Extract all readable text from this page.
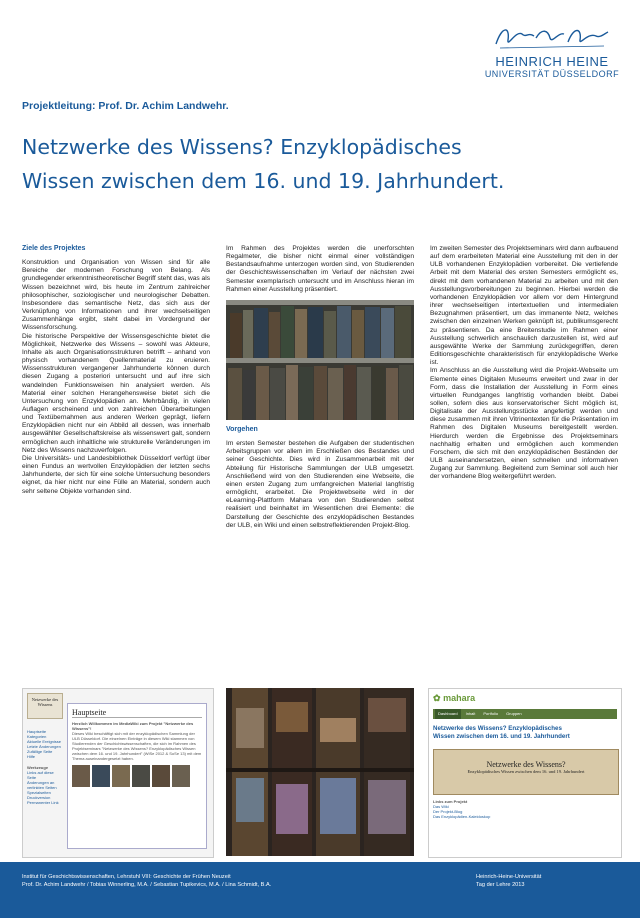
HEINRICH HEINE
UNIVERSITÄT DÜSSELDORF
Projektleitung: Prof. Dr. Achim Landwehr.
Netzwerke des Wissens? Enzyklopädisches
Wissen zwischen dem 16. und 19. Jahrhundert.

Ziele des Projektes

Konstruktion und Organisation von Wissen sind für alle Bereiche der modernen Forschung von Belang. Als grundlegender erkenntnistheoretischer Begriff steht das, was als Wissen bezeichnet wird, bis heute im Zentrum zahlreicher philosophischer, soziologischer und neurologischer Debatten. Insbesondere das semantische Netz, das sich aus der Verknüpfung von Informationen und ihrer wechselseitigen Zusammenhänge ergibt, steht dabei im Vordergrund der Wissensforschung.

Die historische Perspektive der Wissensgeschichte bietet die Möglichkeit, Netzwerke des Wissens – sowohl was Akteure, Inhalte als auch Organisationsstrukturen betrifft – anhand von physisch vorhandenem Quellenmaterial zu eruieren. Wissensstrukturen vergangener Jahrhunderte können durch diesen Zugang a posteriori untersucht und auf ihre sich wandelnden Funktionsweisen hin analysiert werden. Als Material einer solchen Herangehensweise bietet sich die Untersuchung von Enzyklopädien an. Mehrbändig, in vielen Auflagen erscheinend und von zahlreichen Überarbeitungen und Textübernahmen aus anderen Werken geprägt, liefern Enzyklopädien nicht nur ein Abbild all dessen, was innerhalb ausgewählter Gesellschaftskreise als wissenswert galt, sondern ermöglichen auch inhaltliche wie strukturelle Veränderungen im Netz des Wissens nachzuverfolgen.

Die Universitäts- und Landesbibliothek Düsseldorf verfügt über einen Fundus an wertvollen Enzyklopädien der letzten sechs Jahrhunderte, der sich für eine solche Untersuchung besonders eignet, da hier nicht nur eine Fülle an Material, sondern auch sehr seltene Objekte vorhanden sind.

Im Rahmen des Projektes werden die unerforschten Regalmeter, die bisher nicht einmal einer vollständigen Bestandsaufnahme unterzogen worden sind, von Studierenden der Geschichtswissenschaften im Verlauf der nächsten zwei Semester exemplarisch untersucht und im Anschluss hieran im Rahmen einer Ausstellung präsentiert.

Vorgehen

Im ersten Semester bestehen die Aufgaben der studentischen Arbeitsgruppen vor allem im Erschließen des Bestandes und seiner Geschichte. Dies wird in Zusammenarbeit mit der Abteilung für Historische Sammlungen der ULB umgesetzt. Anschließend wird von den Studierenden eine Webseite, die einen ersten Zugang zum umfangreichen Material langfristig ermöglicht, erarbeitet. Die Projektwebseite wird in der eLearning-Plattform Mahara von den Studierenden selbst realisiert und beinhaltet im Wesentlichen drei Elemente: die Darstellung der Geschichte des enzyklopädischen Bestandes der ULB, ein Wiki und einen selbstreflektierenden Projekt-Blog.

Im zweiten Semester des Projektseminars wird dann aufbauend auf dem erarbeiteten Material eine Ausstellung mit den in der ULB vorhandenen Enzyklopädien vorbereitet. Die vertiefende Arbeit mit dem Material des ersten Semesters ermöglicht es, direkt mit dem vorhandenen Material zu arbeiten und mit den Ausstellungsvorbereitungen zu beginnen. Hierbei werden die vorhandenen Enzyklopädien vor allem vor dem Hintergrund ihrer wechselseitigen intertextuellen und intermedialen Bezugnahmen präsentiert, um das immanente Netz, welches zwischen den einzelnen Werken geknüpft ist, publikumsgerecht zu präsentieren. Da eine Breitenstudie im Rahmen einer Ausstellung schwerlich anschaulich darzustellen ist, wird auf ausgewählte Werke der Sammlung zurückgegriffen, deren Editionsgeschichte charakteristisch für enzyklopädische Werke ist.

Im Anschluss an die Ausstellung wird die Projekt-Webseite um Elemente eines Digitalen Museums erweitert und zwar in der Form, dass die Installation der Ausstellung in Form eines virtuellen Rundganges langfristig vorhanden bleibt. Dabei sollen, sofern dies aus konservatorischer Sicht möglich ist, Digitalisate der Ausstellungsstücke angefertigt werden und diese zusammen mit ihren Vitrinentexten für die Präsentation im Rahmen des Digitalen Museums bereitgestellt werden. Hierdurch werden die Ergebnisse des Projektseminars nachhaltig erhalten und ermöglichen auch kommenden Forschern, die sich mit den enzyklopädischen Beständen der ULB auseinandersetzen, einen schnellen und informativen Zugang zur Sammlung. Begleitend zum Seminar soll auch hier der vorhandene Blog weitergeführt werden.

Netzwerke des Wissens
Hauptseite
Kategorien
Aktuelle Ereignisse
Letzte Änderungen
Zufällige Seite
Hilfe
Werkzeuge
Links auf diese Seite
Änderungen an verlinkten Seiten
Spezialseiten
Druckversion
Permanenter Link
Hauptseite
Herzlich Willkommen im MediaWiki zum Projekt "Netzwerke des Wissens"!
Dieses Wiki beschäftigt sich mit der enzyklopädischen Sammlung der ULB Düsseldorf. Die einzelnen Einträge in diesem Wiki stammen von Studierenden der Geschichtswissenschaften, die sich im Rahmen des Projektseminars "Netzwerke des Wissens? Enzyklopädisches Wissen zwischen dem 16. und 19. Jahrhundert" (WiSe 2012 & SoSe 13) mit dem Thema auseinandergesetzt haben.
✿ mahara
Dashboard	Inhalt	Portfolio	Gruppen
Netzwerke des Wissens? Enzyklopädisches Wissen zwischen dem 16. und 19. Jahrhundert
Netzwerke des Wissens?
Enzyklopädisches Wissen zwischen dem 16. und 19. Jahrhundert
Links zum Projekt
Das Wiki
Der Projekt-Blog
Das Enzyklopädien-Kaleidoskop
Institut für Geschichtswissenschaften, Lehrstuhl VIII: Geschichte der Frühen Neuzeit
Prof. Dr. Achim Landwehr / Tobias Winnerling, M.A. / Sebastian Tupikevics, M.A. / Lina Schmidt, B.A.
Heinrich-Heine-Universität
Tag der Lehre 2013
